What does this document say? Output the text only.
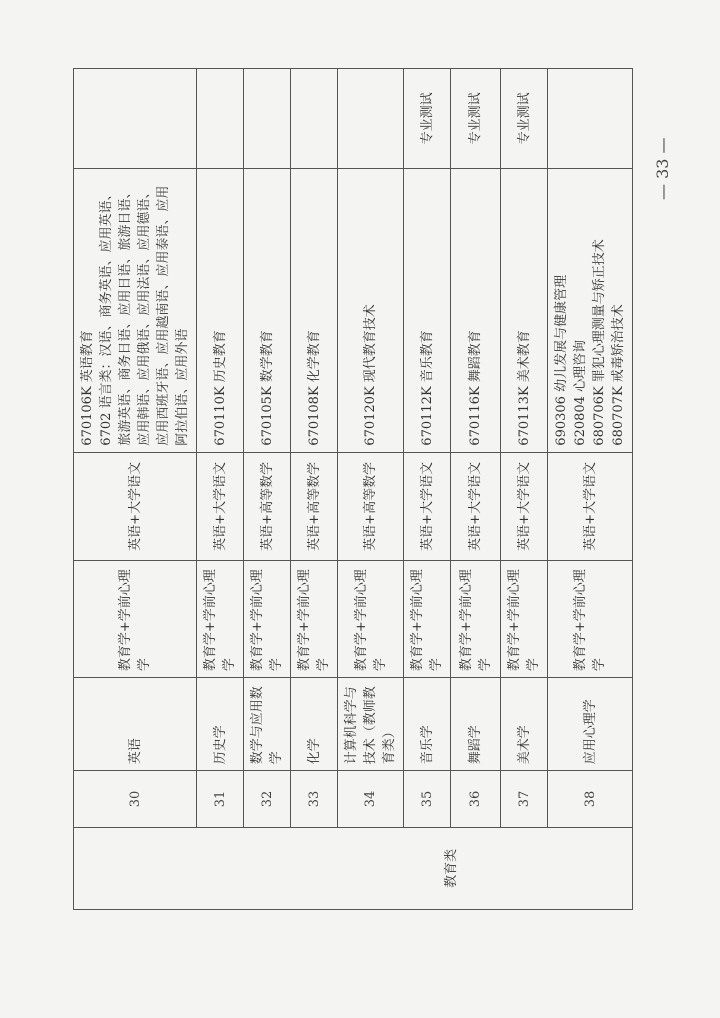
教育类	30	英语	教育学+学前心理学	英语+大学语文	670106K 英语教育 6702 语言类：汉语、商务英语、应用英语、旅游英语、商务日语、应用日语、旅游日语、应用韩语、应用俄语、应用法语、应用德语、应用西班牙语、应用越南语、应用泰语、应用阿拉伯语、应用外语	

	31	历史学	教育学+学前心理学	英语+大学语文	670110K 历史教育	

	32	数学与应用数学	教育学+学前心理学	英语+高等数学	670105K 数学教育	

	33	化学	教育学+学前心理学	英语+高等数学	670108K 化学教育	

	34	计算机科学与技术（教师教育类）	教育学+学前心理学	英语+高等数学	670120K 现代教育技术	

	35	音乐学	教育学+学前心理学	英语+大学语文	670112K 音乐教育	专业测试
	36	舞蹈学	教育学+学前心理学	英语+大学语文	670116K 舞蹈教育	专业测试
	37	美术学	教育学+学前心理学	英语+大学语文	670113K 美术教育	专业测试
	38	应用心理学	教育学+学前心理学	英语+大学语文	690306 幼儿发展与健康管理 620804 心理咨询 680706K 罪犯心理测量与矫正技术 680707K 戒毒矫治技术	

— 33 —
